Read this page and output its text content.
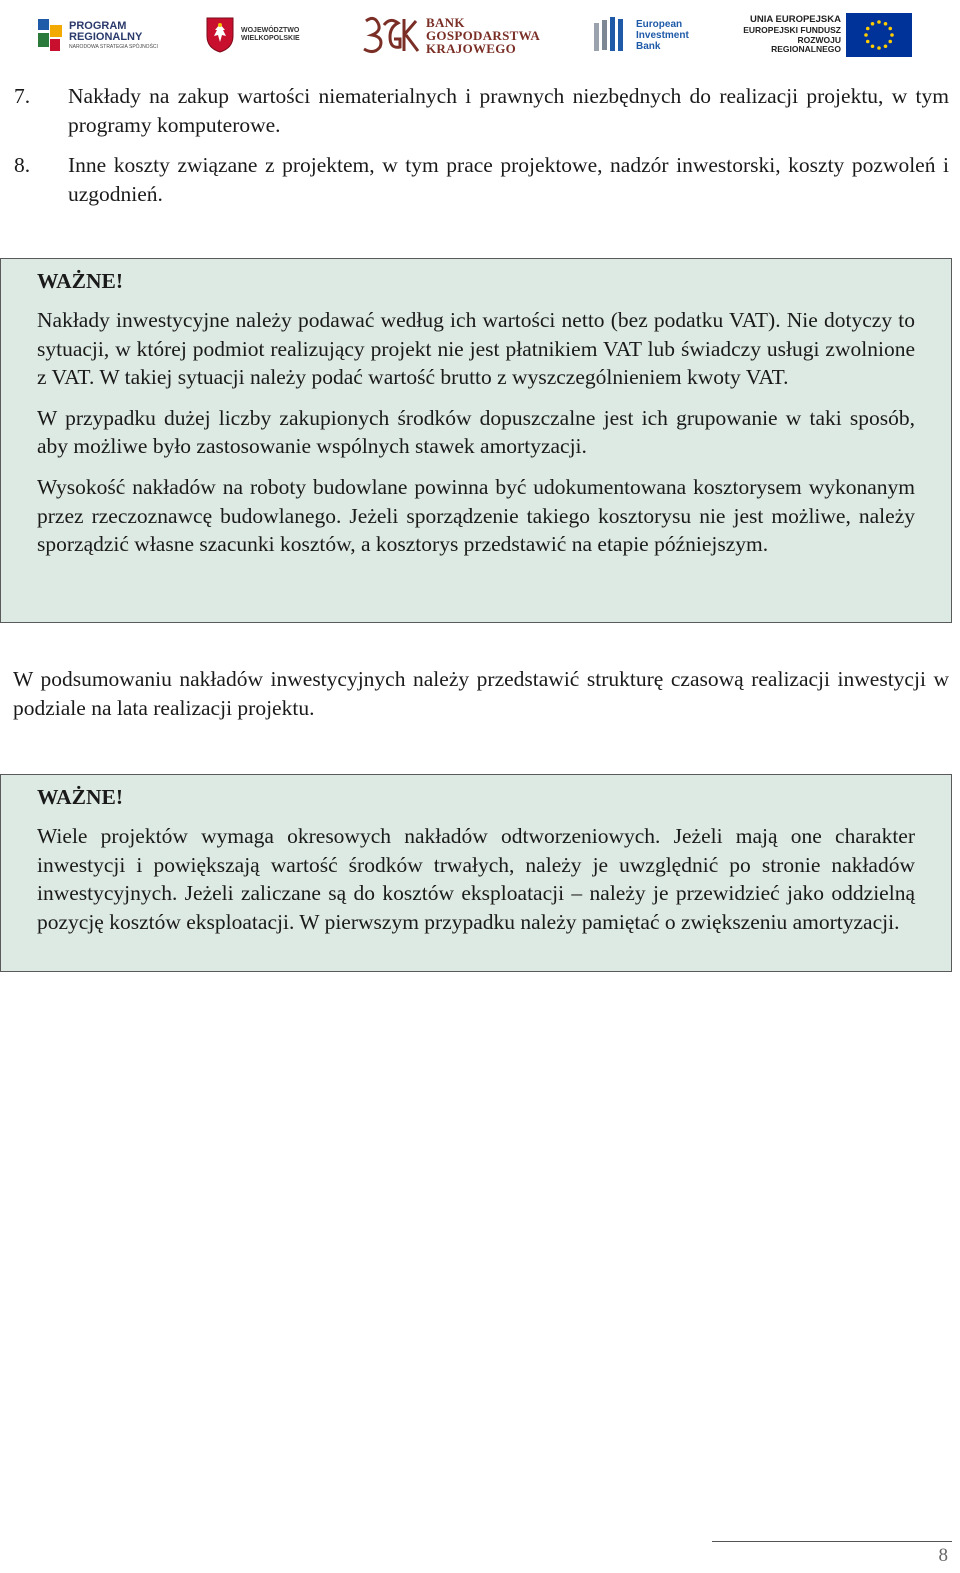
PROGRAM
REGIONALNY
NARODOWA STRATEGIA SPÓJNOŚCI
WOJEWÓDZTWO
WIELKOPOLSKIE
BANK
GOSPODARSTWA
KRAJOWEGO
European
Investment
Bank
UNIA EUROPEJSKA
EUROPEJSKI FUNDUSZ
ROZWOJU REGIONALNEGO
7.	Nakłady na zakup wartości niematerialnych i prawnych niezbędnych do realizacji projektu, w tym programy komputerowe.
8.	Inne koszty związane z projektem, w tym prace projektowe, nadzór inwestorski, koszty pozwoleń i uzgodnień.
WAŻNE!

Nakłady inwestycyjne należy podawać według ich wartości netto (bez podatku VAT). Nie dotyczy to sytuacji, w której podmiot realizujący projekt nie jest płatnikiem VAT lub świadczy usługi zwolnione z VAT. W takiej sytuacji należy podać wartość brutto z wyszczególnieniem kwoty VAT.

W przypadku dużej liczby zakupionych środków dopuszczalne jest ich grupowanie w taki sposób, aby możliwe było zastosowanie wspólnych stawek amortyzacji.

Wysokość nakładów na roboty budowlane powinna być udokumentowana kosztorysem wykonanym przez rzeczoznawcę budowlanego. Jeżeli sporządzenie takiego kosztorysu nie jest możliwe, należy sporządzić własne szacunki kosztów, a kosztorys przedstawić na etapie późniejszym.

W podsumowaniu nakładów inwestycyjnych należy przedstawić strukturę czasową realizacji inwestycji w podziale na lata realizacji projektu.

WAŻNE!

Wiele projektów wymaga okresowych nakładów odtworzeniowych. Jeżeli mają one charakter inwestycji i powiększają wartość środków trwałych, należy je uwzględnić po stronie nakładów inwestycyjnych. Jeżeli zaliczane są do kosztów eksploatacji – należy je przewidzieć jako oddzielną pozycję kosztów eksploatacji. W pierwszym przypadku należy pamiętać o zwiększeniu amortyzacji.

8
